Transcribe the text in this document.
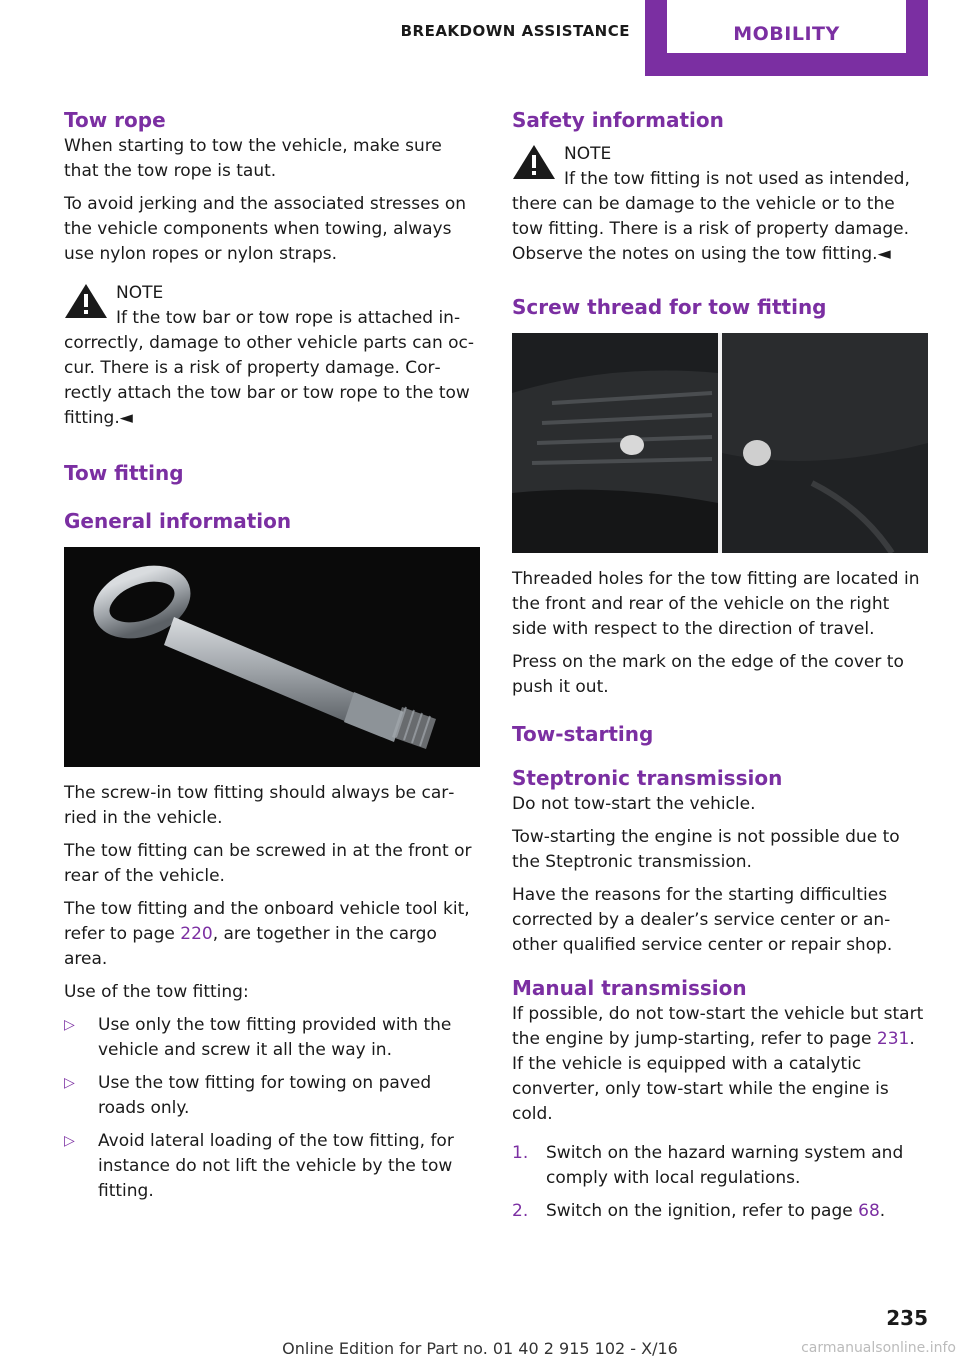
BREAKDOWN ASSISTANCE	MOBILITY
Tow rope

When starting to tow the vehicle, make sure that the tow rope is taut.

To avoid jerking and the associated stresses on the vehicle components when towing, always use nylon ropes or nylon straps.

NOTE
If the tow bar or tow rope is attached incorrectly, damage to other vehicle parts can occur. There is a risk of property damage. Correctly attach the tow bar or tow rope to the tow fitting.◄

Tow fitting
General information

The screw-in tow fitting should always be carried in the vehicle.

The tow fitting can be screwed in at the front or rear of the vehicle.

The tow fitting and the onboard vehicle tool kit, refer to page 220, are together in the cargo area.

Use of the tow fitting:

▷ Use only the tow fitting provided with the vehicle and screw it all the way in.
▷ Use the tow fitting for towing on paved roads only.
▷ Avoid lateral loading of the tow fitting, for instance do not lift the vehicle by the tow fitting.
Safety information

NOTE
If the tow fitting is not used as intended, there can be damage to the vehicle or to the tow fitting. There is a risk of property damage. Observe the notes on using the tow fitting.◄

Screw thread for tow fitting

Threaded holes for the tow fitting are located in the front and rear of the vehicle on the right side with respect to the direction of travel.

Press on the mark on the edge of the cover to push it out.

Tow-starting
Steptronic transmission

Do not tow-start the vehicle.

Tow-starting the engine is not possible due to the Steptronic transmission.

Have the reasons for the starting difficulties corrected by a dealer’s service center or another qualified service center or repair shop.

Manual transmission

If possible, do not tow-start the vehicle but start the engine by jump-starting, refer to page 231. If the vehicle is equipped with a catalytic converter, only tow-start while the engine is cold.

1. Switch on the hazard warning system and comply with local regulations.
2. Switch on the ignition, refer to page 68.
235
Online Edition for Part no. 01 40 2 915 102 - X/16	carmanualsonline.info
